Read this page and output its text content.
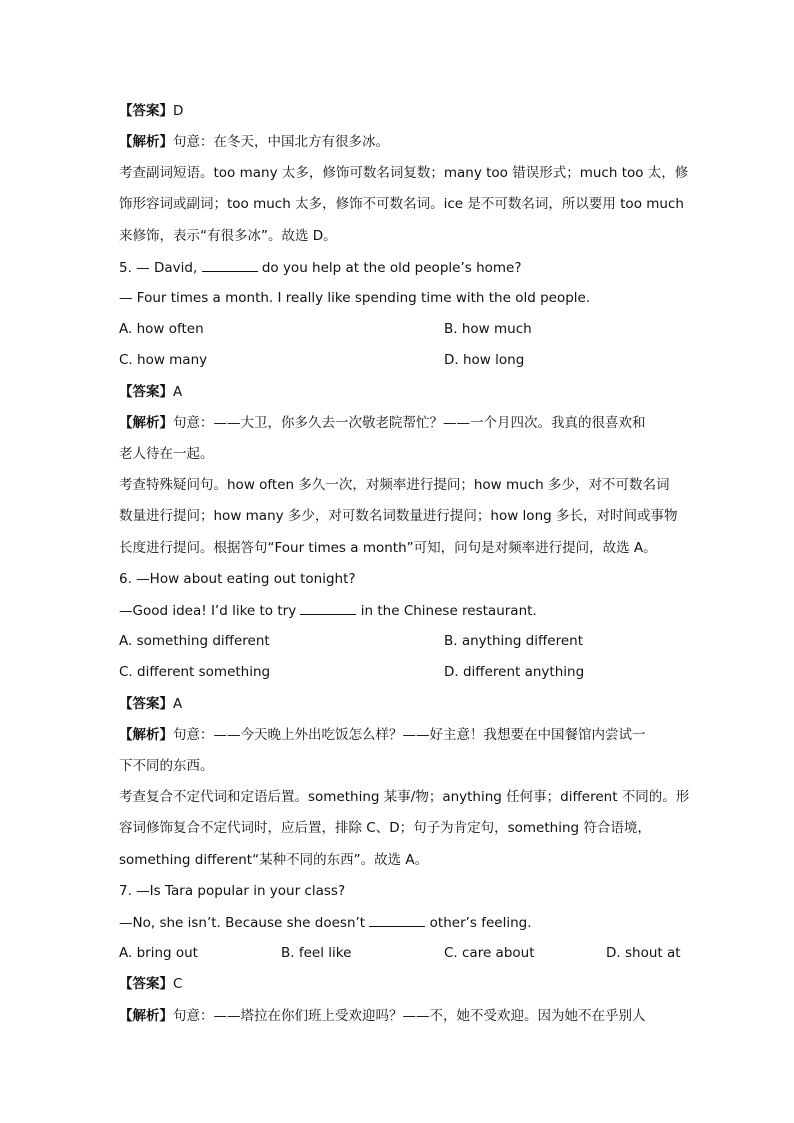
【答案】D
【解析】句意：在冬天，中国北方有很多冰。
考查副词短语。too many 太多，修饰可数名词复数；many too 错误形式；much too 太，修
饰形容词或副词；too much 太多，修饰不可数名词。ice 是不可数名词，所以要用 too much
来修饰，表示“有很多冰”。故选 D。
5. — David,	do you help at the old people’s home?
— Four times a month. I really like spending time with the old people.
A. how often	B. how much
C. how many	D. how long
【答案】A
【解析】句意：——大卫，你多久去一次敬老院帮忙？——一个月四次。我真的很喜欢和
老人待在一起。
考查特殊疑问句。how often 多久一次，对频率进行提问；how much 多少，对不可数名词
数量进行提问；how many 多少，对可数名词数量进行提问；how long 多长，对时间或事物
长度进行提问。根据答句“Four times a month”可知，问句是对频率进行提问，故选 A。
6. —How about eating out tonight?
—Good idea! I’d like to try	in the Chinese restaurant.
A. something different	B. anything different
C. different something	D. different anything
【答案】A
【解析】句意：——今天晚上外出吃饭怎么样？——好主意！我想要在中国餐馆内尝试一
下不同的东西。
考查复合不定代词和定语后置。something 某事/物；anything 任何事；different 不同的。形
容词修饰复合不定代词时，应后置，排除 C、D；句子为肯定句，something 符合语境，
something different“某种不同的东西”。故选 A。
7. —Is Tara popular in your class?
—No, she isn’t. Because she doesn’t	other’s feeling.
A. bring out	B. feel like	C. care about	D. shout at
【答案】C
【解析】句意：——塔拉在你们班上受欢迎吗？——不，她不受欢迎。因为她不在乎别人
